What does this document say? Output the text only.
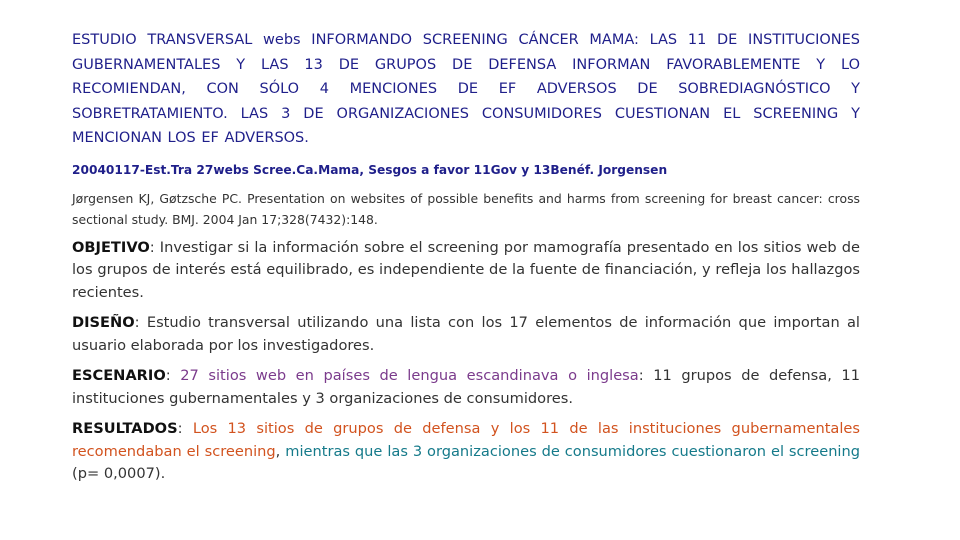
ESTUDIO TRANSVERSAL webs INFORMANDO SCREENING CÁNCER MAMA: LAS 11 DE INSTITUCIONES GUBERNAMENTALES Y LAS 13 DE GRUPOS DE DEFENSA INFORMAN FAVORABLEMENTE Y LO RECOMIENDAN, CON SÓLO 4 MENCIONES DE EF ADVERSOS DE SOBREDIAGNÓSTICO Y SOBRETRATAMIENTO. LAS 3 DE ORGANIZACIONES CONSUMIDORES CUESTIONAN EL SCREENING Y MENCIONAN LOS EF ADVERSOS.

20040117-Est.Tra 27webs Scree.Ca.Mama, Sesgos a favor 11Gov y 13Benéf. Jorgensen

Jørgensen KJ, Gøtzsche PC. Presentation on websites of possible benefits and harms from screening for breast cancer: cross sectional study. BMJ. 2004 Jan 17;328(7432):148.

OBJETIVO: Investigar si la información sobre el screening por mamografía presentado en los sitios web de los grupos de interés está equilibrado, es independiente de la fuente de financiación, y refleja los hallazgos recientes.

DISEÑO: Estudio transversal utilizando una lista con los 17 elementos de información que importan al usuario elaborada por los investigadores.

ESCENARIO: 27 sitios web en países de lengua escandinava o inglesa: 11 grupos de defensa, 11 instituciones gubernamentales y 3 organizaciones de consumidores.

RESULTADOS: Los 13 sitios de grupos de defensa y los 11 de las instituciones gubernamentales recomendaban el screening, mientras que las 3 organizaciones de consumidores cuestionaron el screening (p= 0,0007).
